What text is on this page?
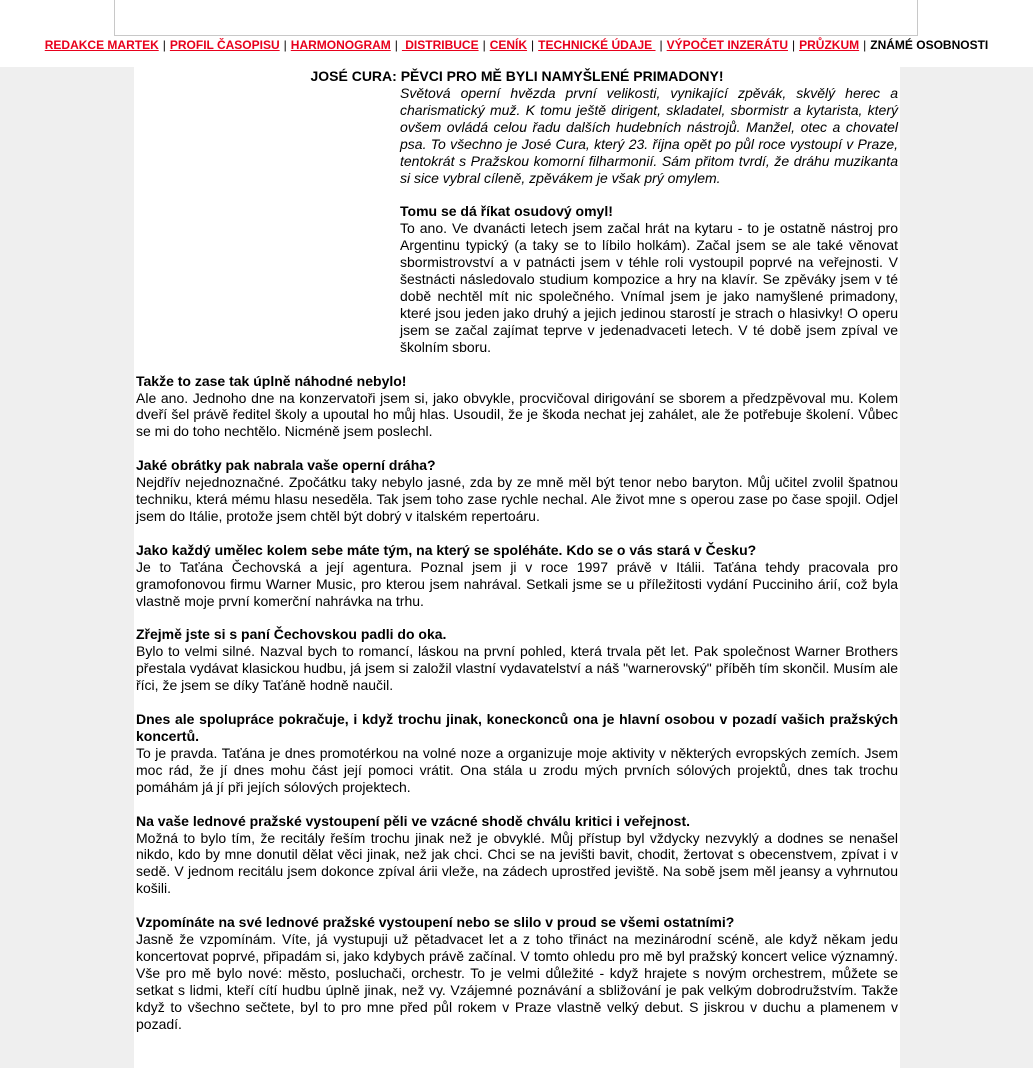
REDAKCE MARTEK | PROFIL ČASOPISU | HARMONOGRAM | DISTRIBUCE | CENÍK | TECHNICKÉ ÚDAJE | VÝPOČET INZERÁTU | PRŮZKUM | ZNÁMÉ OSOBNOSTI
JOSÉ CURA: PĚVCI PRO MĚ BYLI NAMYŠLENÉ PRIMADONY!

Světová operní hvězda první velikosti, vynikající zpěvák, skvělý herec a charismatický muž. K tomu ještě dirigent, skladatel, sbormistr a kytarista, který ovšem ovládá celou řadu dalších hudebních nástrojů. Manžel, otec a chovatel psa. To všechno je José Cura, který 23. října opět po půl roce vystoupí v Praze, tentokrát s Pražskou komorní filharmonií. Sám přitom tvrdí, že dráhu muzikanta si sice vybral cíleně, zpěvákem je však prý omylem.

Tomu se dá říkat osudový omyl!

To ano. Ve dvanácti letech jsem začal hrát na kytaru - to je ostatně nástroj pro Argentinu typický (a taky se to líbilo holkám). Začal jsem se ale také věnovat sbormistrovství a v patnácti jsem v téhle roli vystoupil poprvé na veřejnosti. V šestnácti následovalo studium kompozice a hry na klavír. Se zpěváky jsem v té době nechtěl mít nic společného. Vnímal jsem je jako namyšlené primadony, které jsou jeden jako druhý a jejich jedinou starostí je strach o hlasivky! O operu jsem se začal zajímat teprve v jedenadvaceti letech. V té době jsem zpíval ve školním sboru.

Takže to zase tak úplně náhodné nebylo!

Ale ano. Jednoho dne na konzervatoři jsem si, jako obvykle, procvičoval dirigování se sborem a předzpěvoval mu. Kolem dveří šel právě ředitel školy a upoutal ho můj hlas. Usoudil, že je škoda nechat jej zahálet, ale že potřebuje školení. Vůbec se mi do toho nechtělo. Nicméně jsem poslechl.

Jaké obrátky pak nabrala vaše operní dráha?

Nejdřív nejednoznačné. Zpočátku taky nebylo jasné, zda by ze mně měl být tenor nebo baryton. Můj učitel zvolil špatnou techniku, která mému hlasu neseděla. Tak jsem toho zase rychle nechal. Ale život mne s operou zase po čase spojil. Odjel jsem do Itálie, protože jsem chtěl být dobrý v italském repertoáru.

Jako každý umělec kolem sebe máte tým, na který se spoléháte. Kdo se o vás stará v Česku?

Je to Taťána Čechovská a její agentura. Poznal jsem ji v roce 1997 právě v Itálii. Taťána tehdy pracovala pro gramofonovou firmu Warner Music, pro kterou jsem nahrával. Setkali jsme se u příležitosti vydání Pucciniho árií, což byla vlastně moje první komerční nahrávka na trhu.

Zřejmě jste si s paní Čechovskou padli do oka.

Bylo to velmi silné. Nazval bych to romancí, láskou na první pohled, která trvala pět let. Pak společnost Warner Brothers přestala vydávat klasickou hudbu, já jsem si založil vlastní vydavatelství a náš "warnerovský" příběh tím skončil. Musím ale říci, že jsem se díky Taťáně hodně naučil.

Dnes ale spolupráce pokračuje, i když trochu jinak, koneckonců ona je hlavní osobou v pozadí vašich pražských koncertů.

To je pravda. Taťána je dnes promotérkou na volné noze a organizuje moje aktivity v některých evropských zemích. Jsem moc rád, že jí dnes mohu část její pomoci vrátit. Ona stála u zrodu mých prvních sólových projektů, dnes tak trochu pomáhám já jí při jejích sólových projektech.

Na vaše lednové pražské vystoupení pěli ve vzácné shodě chválu kritici i veřejnost.

Možná to bylo tím, že recitály řeším trochu jinak než je obvyklé. Můj přístup byl vždycky nezvyklý a dodnes se nenašel nikdo, kdo by mne donutil dělat věci jinak, než jak chci. Chci se na jevišti bavit, chodit, žertovat s obecenstvem, zpívat i v sedě. V jednom recitálu jsem dokonce zpíval árii vleže, na zádech uprostřed jeviště. Na sobě jsem měl jeansy a vyhrnutou košili.

Vzpomínáte na své lednové pražské vystoupení nebo se slilo v proud se všemi ostatními?

Jasně že vzpomínám. Víte, já vystupuji už pětadvacet let a z toho třináct na mezinárodní scéně, ale když někam jedu koncertovat poprvé, připadám si, jako kdybych právě začínal. V tomto ohledu pro mě byl pražský koncert velice významný. Vše pro mě bylo nové: město, posluchači, orchestr. To je velmi důležité - když hrajete s novým orchestrem, můžete se setkat s lidmi, kteří cítí hudbu úplně jinak, než vy. Vzájemné poznávání a sbližování je pak velkým dobrodružstvím. Takže když to všechno sečtete, byl to pro mne před půl rokem v Praze vlastně velký debut. S jiskrou v duchu a plamenem v pozadí.
